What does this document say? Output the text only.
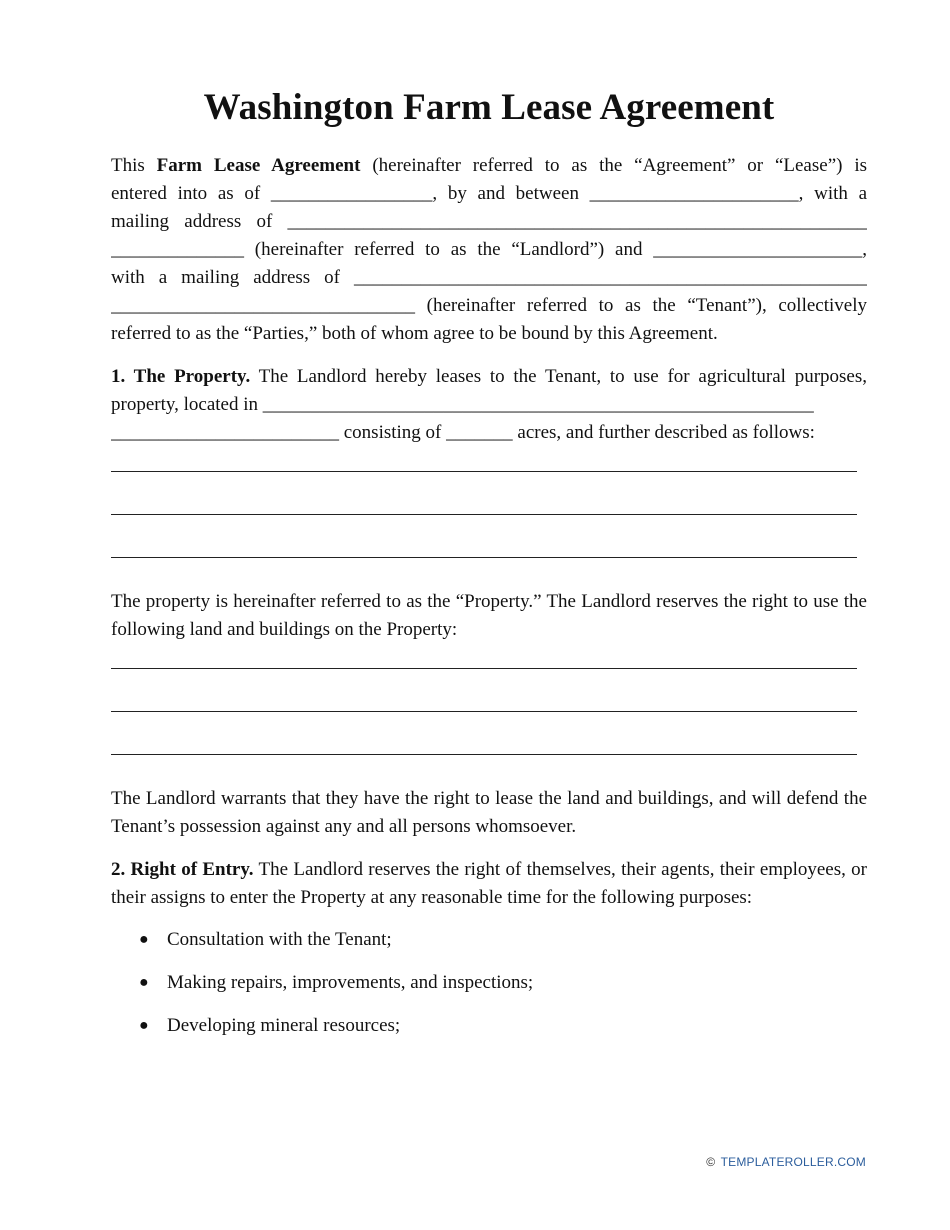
Washington Farm Lease Agreement
This Farm Lease Agreement (hereinafter referred to as the “Agreement” or “Lease”) is
entered into as of _________________, by and between ______________________, with a
mailing address of _____________________________________________________________
______________ (hereinafter referred to as the “Landlord”) and ______________________,
with a mailing address of ______________________________________________________
________________________________ (hereinafter referred to as the “Tenant”), collectively
referred to as the “Parties,” both of whom agree to be bound by this Agreement.
1. The Property. The Landlord hereby leases to the Tenant, to use for agricultural purposes,
property, located in __________________________________________________________
________________________ consisting of _______ acres, and further described as follows:

The property is hereinafter referred to as the “Property.” The Landlord reserves the right to use the following land and buildings on the Property:

The Landlord warrants that they have the right to lease the land and buildings, and will defend the Tenant’s possession against any and all persons whomsoever.

2. Right of Entry. The Landlord reserves the right of themselves, their agents, their employees, or their assigns to enter the Property at any reasonable time for the following purposes:

● Consultation with the Tenant;
● Making repairs, improvements, and inspections;
● Developing mineral resources;
© TEMPLATEROLLER.COM
